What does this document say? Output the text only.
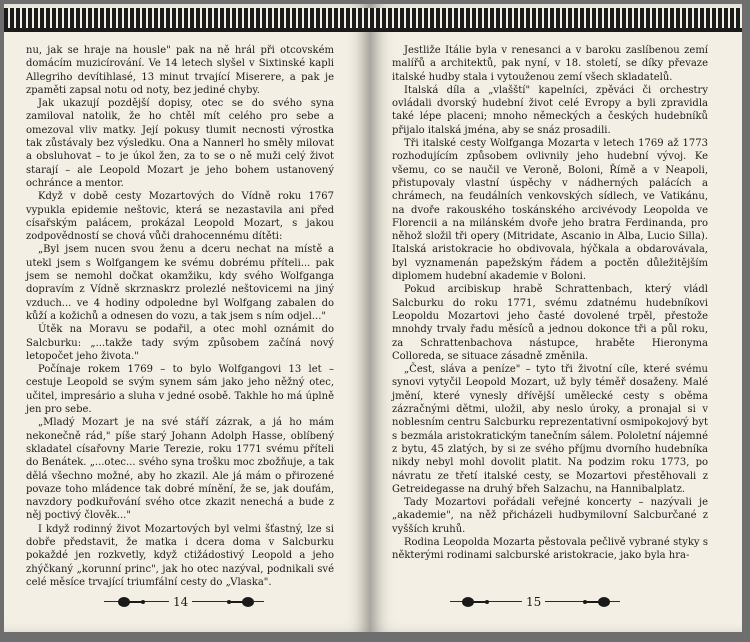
nu, jak se hraje na housle" pak na ně hrál při otcovském domácím muzicírování. Ve 14 letech slyšel v Sixtinské kapli Allegriho devítihlasé, 13 minut trvající Miserere, a pak je zpaměti zapsal notu od noty, bez jediné chyby.

Jak ukazují pozdější dopisy, otec se do svého syna zamiloval natolik, že ho chtěl mít celého pro sebe a omezoval vliv matky. Její pokusy tlumit necnosti výrostka tak zůstávaly bez výsledku. Ona a Nannerl ho směly milovat a obsluhovat – to je úkol žen, za to se o ně muži celý život starají – ale Leopold Mozart je jeho bohem ustanovený ochránce a mentor.

Když v době cesty Mozartových do Vídně roku 1767 vypukla epidemie neštovic, která se nezastavila ani před císařským palácem, prokázal Leopold Mozart, s jakou zodpovědností se chová vůči drahocennému dítěti:

„Byl jsem nucen svou ženu a dceru nechat na místě a utekl jsem s Wolfgangem ke svému dobrému příteli... pak jsem se nemohl dočkat okamžiku, kdy svého Wolfganga dopravím z Vídně skrznaskrz prolezlé neštovicemi na jiný vzduch... ve 4 hodiny odpoledne byl Wolfgang zabalen do kůží a kožichů a odnesen do vozu, a tak jsem s ním odjel..."

Útěk na Moravu se podařil, a otec mohl oznámit do Salcburku: „...takže tady svým způsobem začíná nový letopočet jeho života."

Počínaje rokem 1769 – to bylo Wolfgangovi 13 let – cestuje Leopold se svým synem sám jako jeho něžný otec, učitel, impresário a sluha v jedné osobě. Takhle ho má úplně jen pro sebe.

„Mladý Mozart je na své stáří zázrak, a já ho mám nekonečně rád," píše starý Johann Adolph Hasse, oblíbený skladatel císařovny Marie Terezie, roku 1771 svému příteli do Benátek. „...otec... svého syna trošku moc zbožňuje, a tak dělá všechno možné, aby ho zkazil. Ale já mám o přirozené povaze toho mládence tak dobré mínění, že se, jak doufám, navzdory podkuřování svého otce zkazit nenechá a bude z něj poctivý člověk..."

I když rodinný život Mozartových byl velmi šťastný, lze si dobře představit, že matka i dcera doma v Salcburku pokaždé jen rozkvetly, když ctižádostivý Leopold a jeho zhýčkaný „korunní princ", jak ho otec nazýval, podnikali své celé měsíce trvající triumfální cesty do „Vlaska".

14

Jestliže Itálie byla v renesanci a v baroku zaslíbenou zemí malířů a architektů, pak nyní, v 18. století, se díky převaze italské hudby stala i vytouženou zemí všech skladatelů.

Italská díla a „vlašští" kapelníci, zpěváci či orchestry ovládali dvorský hudební život celé Evropy a byli zpravidla také lépe placeni; mnoho německých a českých hudebníků přijalo italská jména, aby se snáz prosadili.

Tři italské cesty Wolfganga Mozarta v letech 1769 až 1773 rozhodujícím způsobem ovlivnily jeho hudební vývoj. Ke všemu, co se naučil ve Veroně, Boloni, Římě a v Neapoli, přistupovaly vlastní úspěchy v nádherných palácích a chrámech, na feudálních venkovských sídlech, ve Vatikánu, na dvoře rakouského toskánského arcivévody Leopolda ve Florencii a na milánském dvoře jeho bratra Ferdinanda, pro něhož složil tři opery (Mitridate, Ascanio in Alba, Lucio Silla). Italská aristokracie ho obdivovala, hýčkala a obdarovávala, byl vyznamenán papežským řádem a poctěn důležitějším diplomem hudební akademie v Boloni.

Pokud arcibiskup hrabě Schrattenbach, který vládl Salcburku do roku 1771, svému zdatnému hudebníkovi Leopoldu Mozartovi jeho časté dovolené trpěl, přestože mnohdy trvaly řadu měsíců a jednou dokonce tři a půl roku, za Schrattenbachova nástupce, hraběte Hieronyma Colloreda, se situace zásadně změnila.

„Čest, sláva a peníze" – tyto tři životní cíle, které svému synovi vytyčil Leopold Mozart, už byly téměř dosaženy. Malé jmění, které vynesly dřívější umělecké cesty s oběma zázračnými dětmi, uložil, aby neslo úroky, a pronajal si v noblesním centru Salcburku reprezentativní osmipokojový byt s bezmála aristokratickým tanečním sálem. Pololetní nájemné z bytu, 45 zlatých, by si ze svého příjmu dvorního hudebníka nikdy nebyl mohl dovolit platit. Na podzim roku 1773, po návratu ze třetí italské cesty, se Mozartovi přestěhovali z Getreidegasse na druhý břeh Salzachu, na Hannibalplatz.

Tady Mozartovi pořádali veřejné koncerty – nazývali je „akademie", na něž přicházeli hudbymilovní Salcburčané z vyšších kruhů.

Rodina Leopolda Mozarta pěstovala pečlivě vybrané styky s některými rodinami salcburské aristokracie, jako byla hra-

15
